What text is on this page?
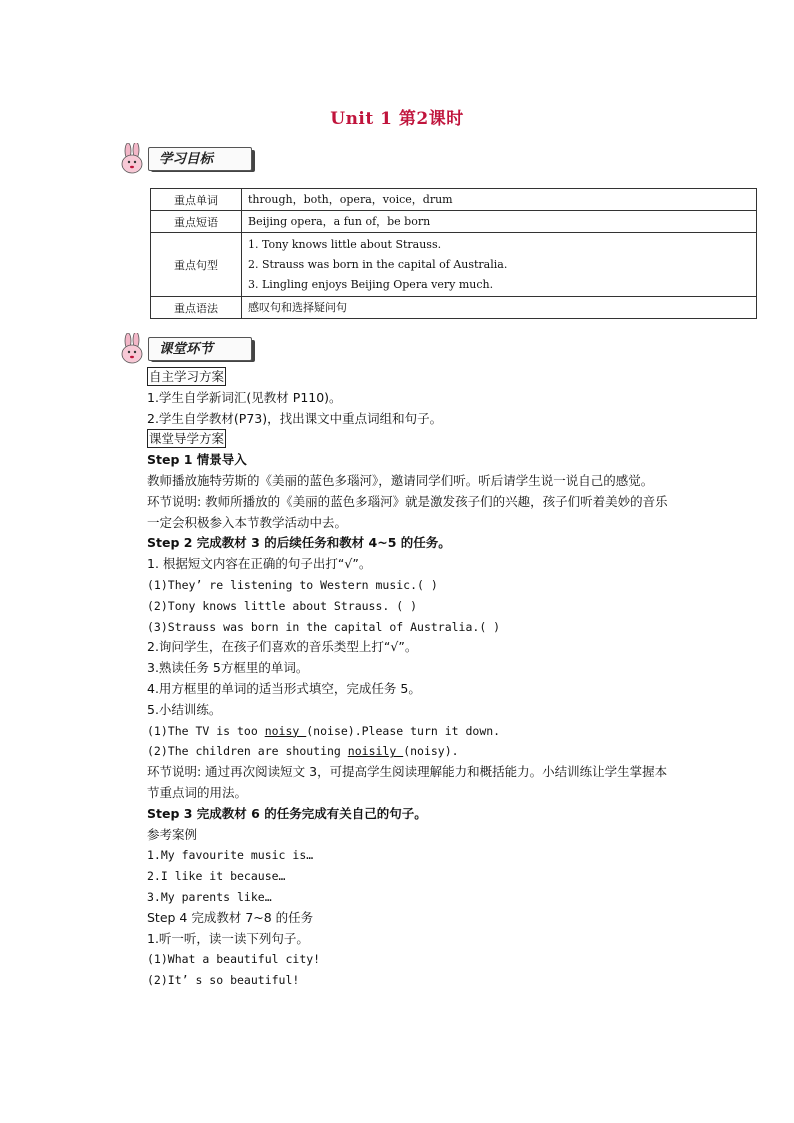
Unit 1 第2课时
学习目标
重点单词	through，both，opera，voice，drum
重点短语	Beijing opera，a fun of，be born
重点句型	1. Tony knows little about Strauss.
2. Strauss was born in the capital of Australia.
3. Lingling enjoys Beijing Opera very much.

重点语法	感叹句和选择疑问句
课堂环节
自主学习方案
1.学生自学新词汇(见教材 P110)。
2.学生自学教材(P73)，找出课文中重点词组和句子。
课堂导学方案
Step 1 情景导入
教师播放施特劳斯的《美丽的蓝色多瑙河》，邀请同学们听。听后请学生说一说自己的感觉。
环节说明: 教师所播放的《美丽的蓝色多瑙河》就是激发孩子们的兴趣，孩子们听着美妙的音乐一定会积极参入本节教学活动中去。
Step 2 完成教材 3 的后续任务和教材 4~5 的任务。
1. 根据短文内容在正确的句子出打“√”。
(1)They’ re listening to Western music.( )
(2)Tony knows little about Strauss. ( )
(3)Strauss was born in the capital of Australia.( )
2.询问学生，在孩子们喜欢的音乐类型上打“√”。
3.熟读任务 5方框里的单词。
4.用方框里的单词的适当形式填空，完成任务 5。
5.小结训练。
(1)The TV is too noisy (noise).Please turn it down.
(2)The children are shouting noisily (noisy).
环节说明: 通过再次阅读短文 3，可提高学生阅读理解能力和概括能力。小结训练让学生掌握本节重点词的用法。
Step 3 完成教材 6 的任务完成有关自己的句子。
参考案例
1.My favourite music is…
2.I like it because…
3.My parents like…
Step 4 完成教材 7~8 的任务
1.听一听，读一读下列句子。
(1)What a beautiful city!
(2)It’ s so beautiful!
